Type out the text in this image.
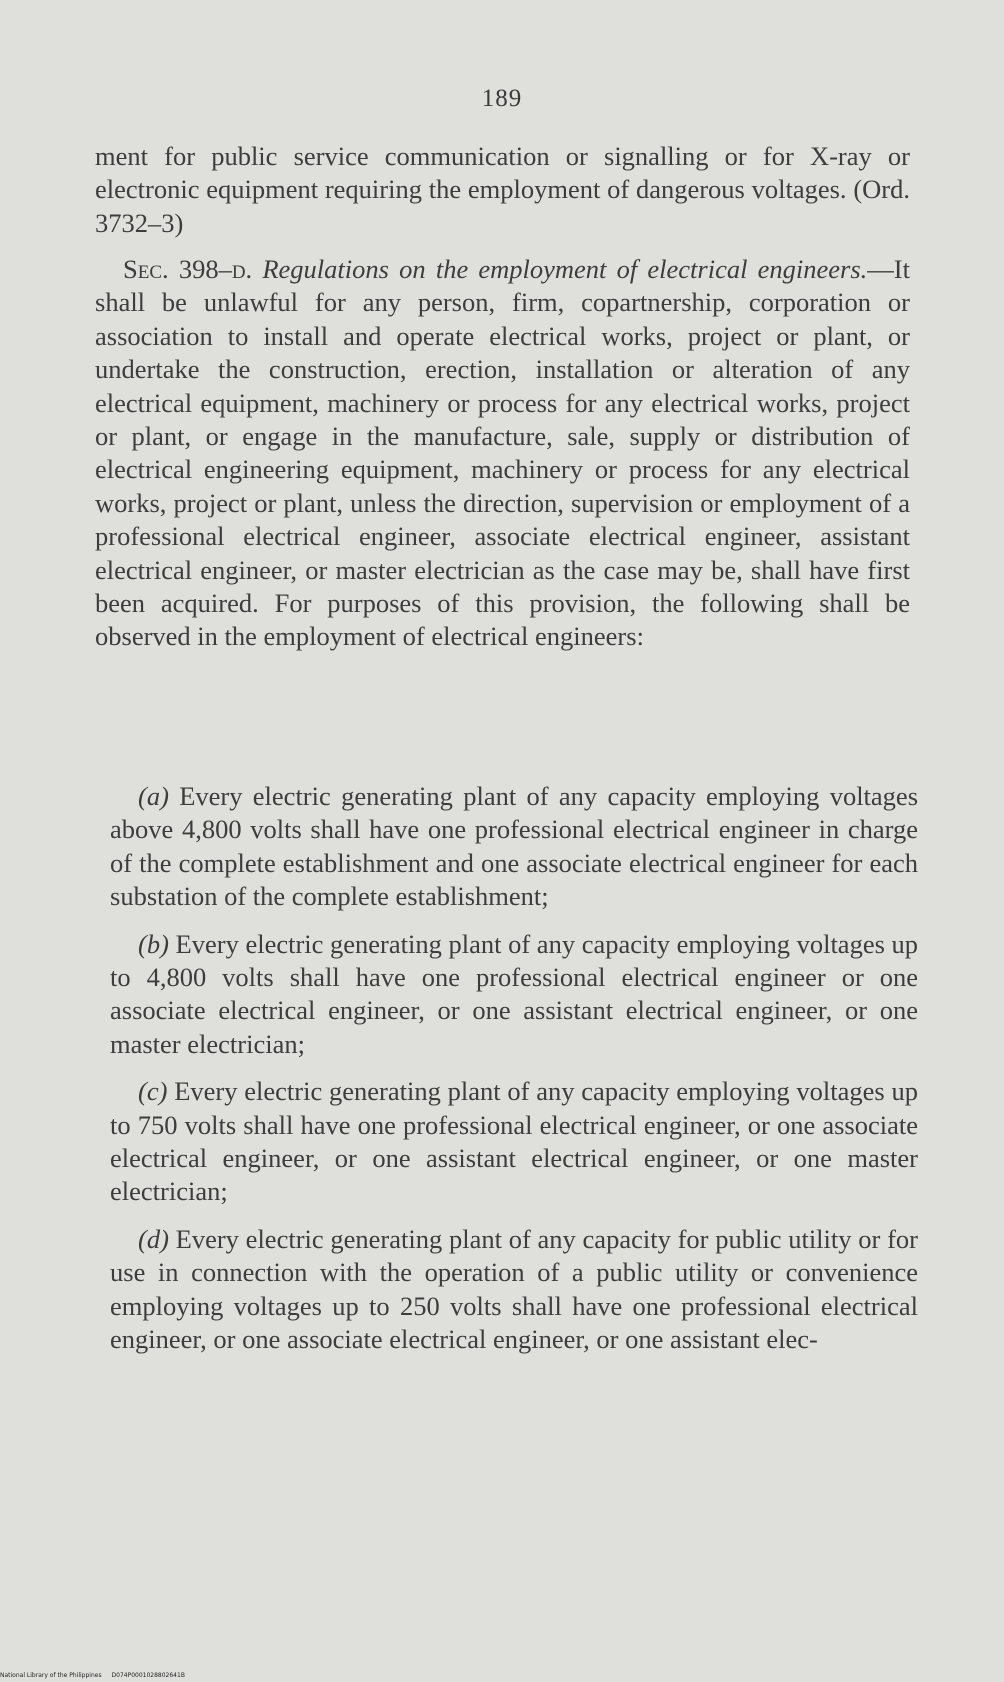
189

ment for public service communication or signalling or for X-ray or electronic equipment requiring the employment of dangerous voltages. (Ord. 3732–3)

Sec. 398–d. Regulations on the employment of electrical engineers.—It shall be unlawful for any person, firm, copartnership, corporation or association to install and operate electrical works, project or plant, or undertake the construction, erection, installation or alteration of any electrical equipment, machinery or process for any electrical works, project or plant, or engage in the manufacture, sale, supply or distribution of electrical engineering equipment, machinery or process for any electrical works, project or plant, unless the direction, supervision or employment of a professional electrical engineer, associate electrical engineer, assistant electrical engineer, or master electrician as the case may be, shall have first been acquired. For purposes of this provision, the following shall be observed in the employment of electrical engineers:

(a) Every electric generating plant of any capacity employing voltages above 4,800 volts shall have one professional electrical engineer in charge of the complete establishment and one associate electrical engineer for each substation of the complete establishment;

(b) Every electric generating plant of any capacity employing voltages up to 4,800 volts shall have one professional electrical engineer or one associate electrical engineer, or one assistant electrical engineer, or one master electrician;

(c) Every electric generating plant of any capacity employing voltages up to 750 volts shall have one professional electrical engineer, or one associate electrical engineer, or one assistant electrical engineer, or one master electrician;

(d) Every electric generating plant of any capacity for public utility or for use in connection with the operation of a public utility or convenience employing voltages up to 250 volts shall have one professional electrical engineer, or one associate electrical engineer, or one assistant elec-

National Library of the Philippines D074P0001028802641B
